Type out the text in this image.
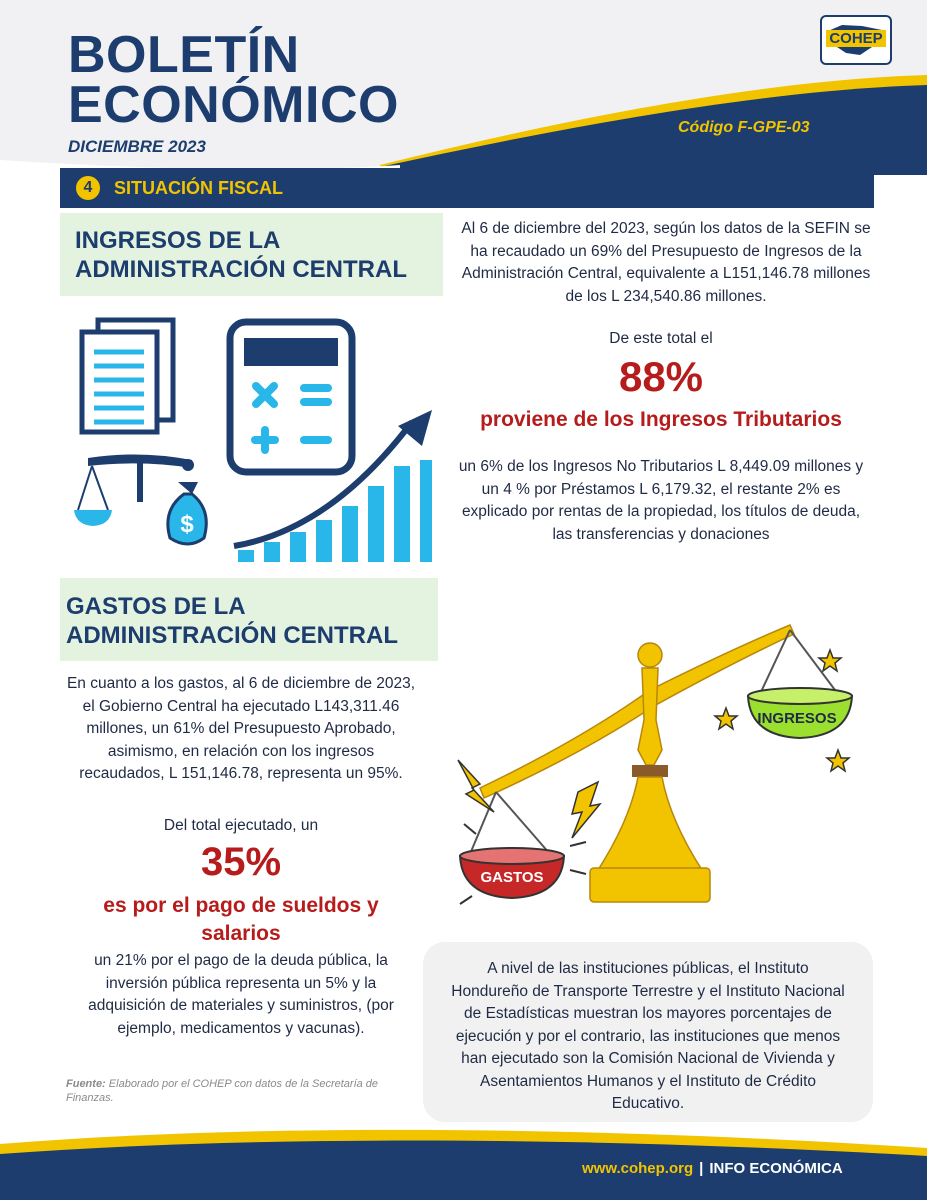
BOLETÍN
ECONÓMICO
DICIEMBRE 2023
Código F-GPE-03
COHEP
4	SITUACIÓN FISCAL
INGRESOS DE LA
ADMINISTRACIÓN CENTRAL
$
Al 6 de diciembre del 2023, según los datos de la SEFIN se ha recaudado un 69% del Presupuesto de Ingresos de la Administración Central, equivalente a L151,146.78 millones de los L 234,540.86 millones.
De este total el
88%
proviene de los Ingresos Tributarios
un 6% de los Ingresos No Tributarios L 8,449.09 millones y un 4 % por Préstamos L 6,179.32, el restante 2% es explicado por rentas de la propiedad, los títulos de deuda, las transferencias y donaciones
GASTOS DE LA
ADMINISTRACIÓN CENTRAL
En cuanto a los gastos, al 6 de diciembre de 2023, el Gobierno Central ha ejecutado L143,311.46 millones, un 61% del Presupuesto Aprobado, asimismo, en relación con los ingresos recaudados, L 151,146.78, representa un 95%.
Del total ejecutado, un
35%
es por el pago de sueldos y
salarios
un 21% por el pago de la deuda pública, la inversión pública representa un 5% y la adquisición de materiales y suministros, (por ejemplo, medicamentos y vacunas).
Fuente: Elaborado por el COHEP con datos de la Secretaría de Finanzas.
INGRESOS
GASTOS
A nivel de las instituciones públicas, el Instituto Hondureño de Transporte Terrestre y el Instituto Nacional de Estadísticas muestran los mayores porcentajes de ejecución y por el contrario, las instituciones que menos han ejecutado son la Comisión Nacional de Vivienda y Asentamientos Humanos y el Instituto de Crédito Educativo.
www.cohep.org | INFO ECONÓMICA
